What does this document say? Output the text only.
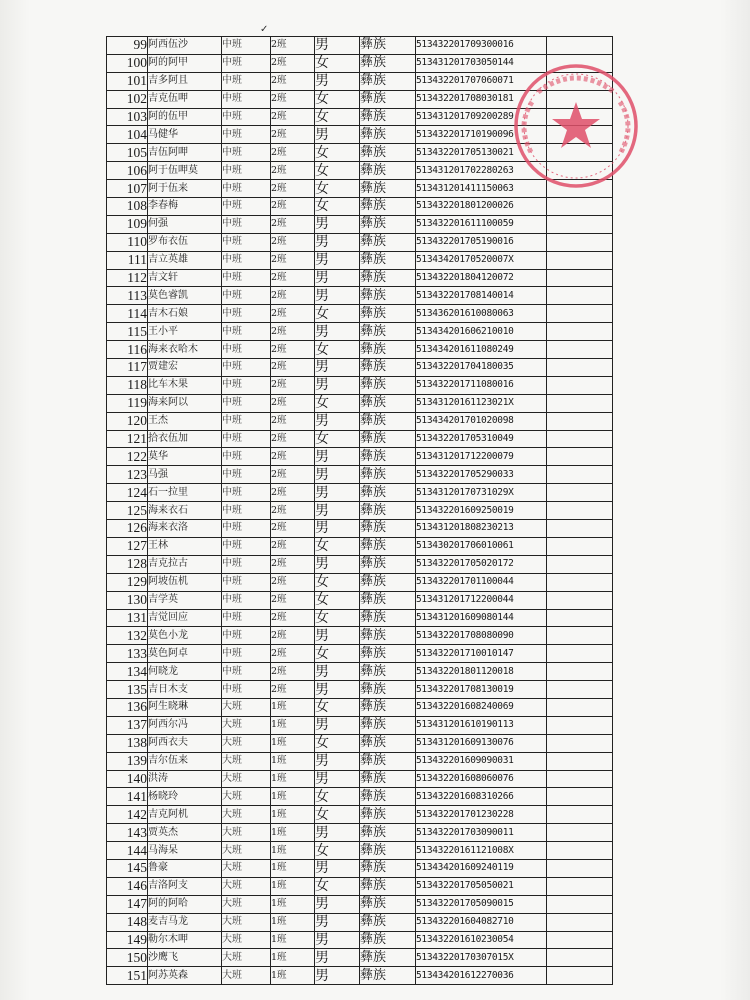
✓
99	阿西伍沙	中班	2班	男	彝族	513432201709300016	
100	阿的阿甲	中班	2班	女	彝族	513431201703050144	
101	吉多阿且	中班	2班	男	彝族	513432201707060071	
102	吉克伍呷	中班	2班	女	彝族	513432201708030181	
103	阿的伍甲	中班	2班	女	彝族	513431201709200289	
104	马健华	中班	2班	男	彝族	513432201710190096	
105	吉伍阿呷	中班	2班	女	彝族	513432201705130021	
106	阿于伍呷莫	中班	2班	女	彝族	513431201702280263	
107	阿于伍来	中班	2班	女	彝族	513431201411150063	
108	李春梅	中班	2班	女	彝族	513432201801200026	
109	何强	中班	2班	男	彝族	513432201611100059	
110	罗布衣伍	中班	2班	男	彝族	513432201705190016	
111	吉立英雄	中班	2班	男	彝族	51343420170520007X	
112	吉文轩	中班	2班	男	彝族	513432201804120072	
113	莫色睿凯	中班	2班	男	彝族	513432201708140014	
114	吉木石娘	中班	2班	女	彝族	513436201610080063	
115	王小平	中班	2班	男	彝族	513434201606210010	
116	海来衣哈木	中班	2班	女	彝族	513434201611080249	
117	贾建宏	中班	2班	男	彝族	513432201704180035	
118	比车木果	中班	2班	男	彝族	513432201711080016	
119	海来阿以	中班	2班	女	彝族	51343120161123021X	
120	王杰	中班	2班	男	彝族	513434201701020098	
121	拾衣伍加	中班	2班	女	彝族	513432201705310049	
122	莫华	中班	2班	男	彝族	513431201712200079	
123	马强	中班	2班	男	彝族	513432201705290033	
124	石一拉里	中班	2班	男	彝族	51343120170731029X	
125	海来衣石	中班	2班	男	彝族	513432201609250019	
126	海来衣洛	中班	2班	男	彝族	513431201808230213	
127	王林	中班	2班	女	彝族	513430201706010061	
128	吉克拉古	中班	2班	男	彝族	513432201705020172	
129	阿坡伍机	中班	2班	女	彝族	513432201701100044	
130	吉学英	中班	2班	女	彝族	513431201712200044	
131	吉觉回应	中班	2班	女	彝族	513431201609080144	
132	莫色小龙	中班	2班	男	彝族	513432201708080090	
133	莫色阿卓	中班	2班	女	彝族	513432201710010147	
134	何晓龙	中班	2班	男	彝族	513432201801120018	
135	吉日木支	中班	2班	男	彝族	513432201708130019	
136	阿生晓琳	大班	1班	女	彝族	513432201608240069	
137	阿西尔冯	大班	1班	男	彝族	513431201610190113	
138	阿西衣夫	大班	1班	女	彝族	513431201609130076	
139	吉尔伍来	大班	1班	男	彝族	513432201609090031	
140	洪涛	大班	1班	男	彝族	513432201608060076	
141	杨晓玲	大班	1班	女	彝族	513432201608310266	
142	吉克阿机	大班	1班	女	彝族	513432201701230228	
143	贾英杰	大班	1班	男	彝族	513432201703090011	
144	马海呆	大班	1班	女	彝族	51343220161121008X	
145	鲁豪	大班	1班	男	彝族	513434201609240119	
146	吉洛阿支	大班	1班	女	彝族	513432201705050021	
147	阿的阿哈	大班	1班	男	彝族	513432201705090015	
148	麦吉马龙	大班	1班	男	彝族	513432201604082710	
149	勒尔木呷	大班	1班	男	彝族	513432201610230054	
150	沙鹰飞	大班	1班	男	彝族	51343220170307015X	
151	阿苏英森	大班	1班	男	彝族	513434201612270036	
